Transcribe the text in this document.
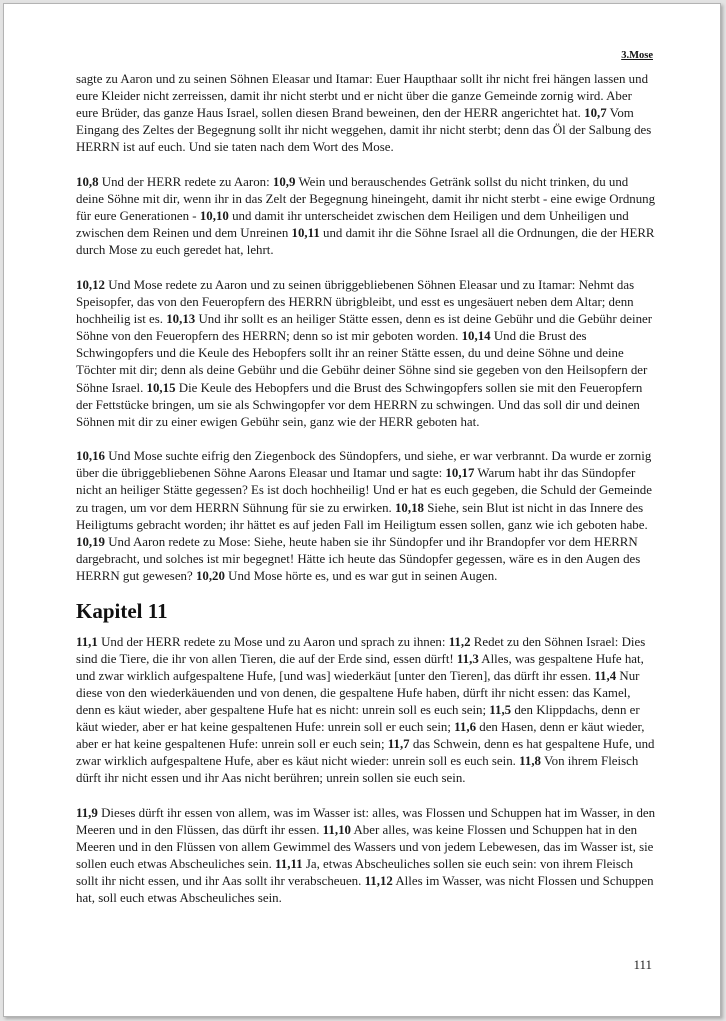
3.Mose

sagte zu Aaron und zu seinen Söhnen Eleasar und Itamar: Euer Haupthaar sollt ihr nicht frei hängen lassen und eure Kleider nicht zerreissen, damit ihr nicht sterbt und er nicht über die ganze Gemeinde zornig wird. Aber eure Brüder, das ganze Haus Israel, sollen diesen Brand beweinen, den der HERR angerichtet hat. 10,7 Vom Eingang des Zeltes der Begegnung sollt ihr nicht weggehen, damit ihr nicht sterbt; denn das Öl der Salbung des HERRN ist auf euch. Und sie taten nach dem Wort des Mose.

10,8 Und der HERR redete zu Aaron: 10,9 Wein und berauschendes Getränk sollst du nicht trinken, du und deine Söhne mit dir, wenn ihr in das Zelt der Begegnung hineingeht, damit ihr nicht sterbt - eine ewige Ordnung für eure Generationen - 10,10 und damit ihr unterscheidet zwischen dem Heiligen und dem Unheiligen und zwischen dem Reinen und dem Unreinen 10,11 und damit ihr die Söhne Israel all die Ordnungen, die der HERR durch Mose zu euch geredet hat, lehrt.

10,12 Und Mose redete zu Aaron und zu seinen übriggebliebenen Söhnen Eleasar und zu Itamar: Nehmt das Speisopfer, das von den Feueropfern des HERRN übrigbleibt, und esst es ungesäuert neben dem Altar; denn hochheilig ist es. 10,13 Und ihr sollt es an heiliger Stätte essen, denn es ist deine Gebühr und die Gebühr deiner Söhne von den Feueropfern des HERRN; denn so ist mir geboten worden. 10,14 Und die Brust des Schwingopfers und die Keule des Hebopfers sollt ihr an reiner Stätte essen, du und deine Söhne und deine Töchter mit dir; denn als deine Gebühr und die Gebühr deiner Söhne sind sie gegeben von den Heilsopfern der Söhne Israel. 10,15 Die Keule des Hebopfers und die Brust des Schwingopfers sollen sie mit den Feueropfern der Fettstücke bringen, um sie als Schwingopfer vor dem HERRN zu schwingen. Und das soll dir und deinen Söhnen mit dir zu einer ewigen Gebühr sein, ganz wie der HERR geboten hat.

10,16 Und Mose suchte eifrig den Ziegenbock des Sündopfers, und siehe, er war verbrannt. Da wurde er zornig über die übriggebliebenen Söhne Aarons Eleasar und Itamar und sagte: 10,17 Warum habt ihr das Sündopfer nicht an heiliger Stätte gegessen? Es ist doch hochheilig! Und er hat es euch gegeben, die Schuld der Gemeinde zu tragen, um vor dem HERRN Sühnung für sie zu erwirken. 10,18 Siehe, sein Blut ist nicht in das Innere des Heiligtums gebracht worden; ihr hättet es auf jeden Fall im Heiligtum essen sollen, ganz wie ich geboten habe. 10,19 Und Aaron redete zu Mose: Siehe, heute haben sie ihr Sündopfer und ihr Brandopfer vor dem HERRN dargebracht, und solches ist mir begegnet! Hätte ich heute das Sündopfer gegessen, wäre es in den Augen des HERRN gut gewesen? 10,20 Und Mose hörte es, und es war gut in seinen Augen.

Kapitel 11

11,1 Und der HERR redete zu Mose und zu Aaron und sprach zu ihnen: 11,2 Redet zu den Söhnen Israel: Dies sind die Tiere, die ihr von allen Tieren, die auf der Erde sind, essen dürft! 11,3 Alles, was gespaltene Hufe hat, und zwar wirklich aufgespaltene Hufe, [und was] wiederkäut [unter den Tieren], das dürft ihr essen. 11,4 Nur diese von den wiederkäuenden und von denen, die gespaltene Hufe haben, dürft ihr nicht essen: das Kamel, denn es käut wieder, aber gespaltene Hufe hat es nicht: unrein soll es euch sein; 11,5 den Klippdachs, denn er käut wieder, aber er hat keine gespaltenen Hufe: unrein soll er euch sein; 11,6 den Hasen, denn er käut wieder, aber er hat keine gespaltenen Hufe: unrein soll er euch sein; 11,7 das Schwein, denn es hat gespaltene Hufe, und zwar wirklich aufgespaltene Hufe, aber es käut nicht wieder: unrein soll es euch sein. 11,8 Von ihrem Fleisch dürft ihr nicht essen und ihr Aas nicht berühren; unrein sollen sie euch sein.

11,9 Dieses dürft ihr essen von allem, was im Wasser ist: alles, was Flossen und Schuppen hat im Wasser, in den Meeren und in den Flüssen, das dürft ihr essen. 11,10 Aber alles, was keine Flossen und Schuppen hat in den Meeren und in den Flüssen von allem Gewimmel des Wassers und von jedem Lebewesen, das im Wasser ist, sie sollen euch etwas Abscheuliches sein. 11,11 Ja, etwas Abscheuliches sollen sie euch sein: von ihrem Fleisch sollt ihr nicht essen, und ihr Aas sollt ihr verabscheuen. 11,12 Alles im Wasser, was nicht Flossen und Schuppen hat, soll euch etwas Abscheuliches sein.

111
